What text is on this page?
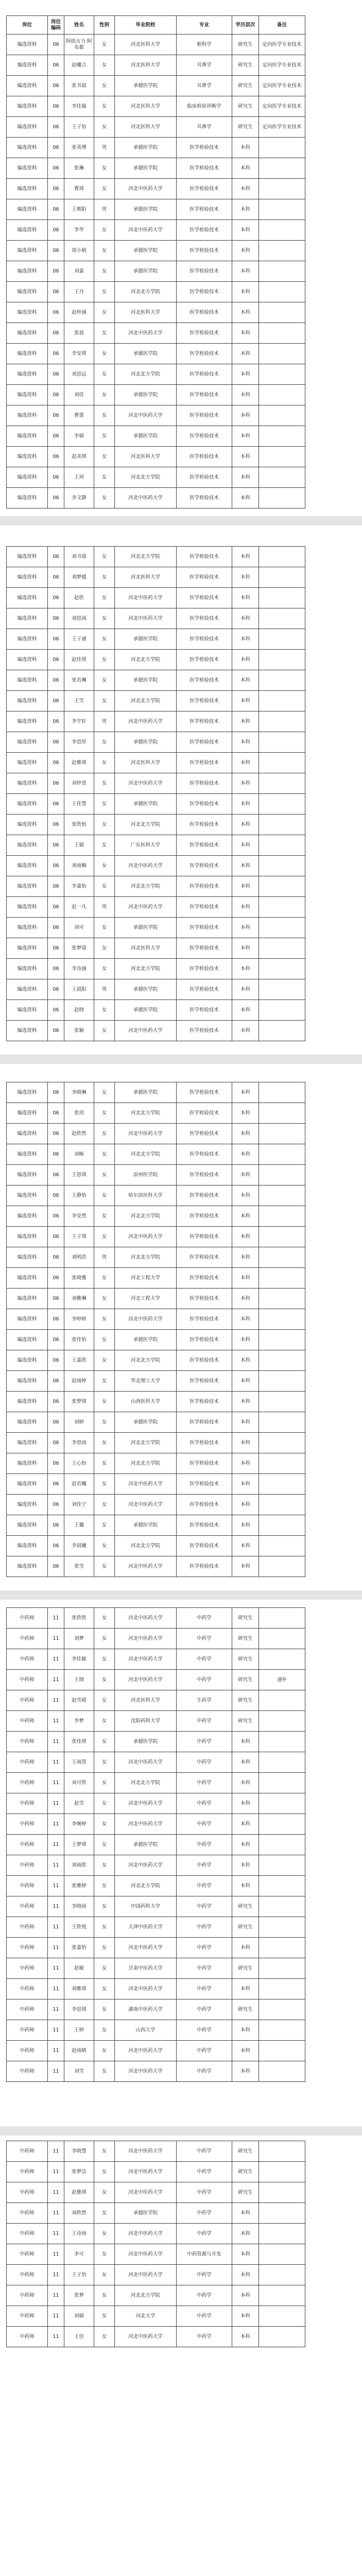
岗位	岗位编码	姓名	性别	毕业院校	专业	学历层次	备注
编选资料	06	阿依古力·阿布都	女	河北医科大学	眼科学	研究生	定向医学专业技术
编选资料	06	赵曦言	女	河北医科大学	耳鼻学	研究生	定向医学专业技术
编选资料	06	张书晨	女	承德医学院	耳鼻学	研究生	定向医学专业技术
编选资料	06	李佳璇	女	河北医科大学	临床检验诊断学	研究生	定向医学专业技术
编选资料	06	王子怡	女	河北医科大学	耳鼻学	研究生	定向医学专业技术
编选资料	06	张英博	男	承德医学院	医学检验技术	本科	
编选资料	06	张琳	女	承德医学院	医学检验技术	本科	
编选资料	06	曹琦	女	河北中医药大学	医学检验技术	本科	
编选资料	06	王朝阳	男	承德医学院	医学检验技术	本科	
编选资料	06	李华	女	河北中医药大学	医学检验技术	本科	
编选资料	06	郑小娟	女	承德医学院	医学检验技术	本科	
编选资料	06	刘嘉	女	承德医学院	医学检验技术	本科	
编选资料	06	王丹	女	河北北方学院	医学检验技术	本科	
编选资料	06	赵梓涵	女	河北医科大学	医学检验技术	本科	
编选资料	06	张晨	女	河北中医药大学	医学检验技术	本科	
编选资料	06	李安琪	女	承德医学院	医学检验技术	本科	
编选资料	06	刘思远	女	河北北方学院	医学检验技术	本科	
编选资料	06	刘佳	女	承德医学院	医学检验技术	本科	
编选资料	06	曹蕾	女	河北中医药大学	医学检验技术	本科	
编选资料	06	李婧	女	承德医学院	医学检验技术	本科	
编选资料	06	赵美琪	女	河北医科大学	医学检验技术	本科	
编选资料	06	王珂	女	河北北方学院	医学检验技术	本科	
编选资料	06	李文静	女	河北中医药大学	医学检验技术	本科	
编选资料	06	刘书瑶	女	河北北方学院	医学检验技术	本科	
编选资料	06	刘梦媛	女	河北医科大学	医学检验技术	本科	
编选资料	06	赵欣	女	河北中医药大学	医学检验技术	本科	
编选资料	06	刘思雨	女	河北中医药大学	医学检验技术	本科	
编选资料	06	王子涵	女	承德医学院	医学检验技术	本科	
编选资料	06	赵佳琪	女	河北北方学院	医学检验技术	本科	
编选资料	06	张若琳	女	承德医学院	医学检验技术	本科	
编选资料	06	王雪	女	河北北方学院	医学检验技术	本科	
编选资料	06	李宇轩	男	河北中医药大学	医学检验技术	本科	
编选资料	06	李思彤	女	承德医学院	医学检验技术	本科	
编选资料	06	赵雅琪	女	河北医科大学	医学检验技术	本科	
编选资料	06	刘梓萱	女	河北中医药大学	医学检验技术	本科	
编选资料	06	王佳慧	女	承德医学院	医学检验技术	本科	
编选资料	06	张欣怡	女	河北北方学院	医学检验技术	本科	
编选资料	06	王婧	女	广东医科大学	医学检验技术	本科	
编选资料	06	刘雨桐	女	河北中医药大学	医学检验技术	本科	
编选资料	06	李嘉怡	女	河北北方学院	医学检验技术	本科	
编选资料	06	赵一凡	男	河北中医药大学	医学检验技术	本科	
编选资料	06	刘可	女	承德医学院	医学检验技术	本科	
编选资料	06	张梦瑶	女	河北医科大学	医学检验技术	本科	
编选资料	06	李诗涵	女	河北北方学院	医学检验技术	本科	
编选资料	06	王晨阳	男	承德医学院	医学检验技术	本科	
编选资料	06	赵晓	女	承德医学院	医学检验技术	本科	
编选资料	06	张颖	女	河北中医药大学	医学检验技术	本科	
编选资料	06	李晓琳	女	承德医学院	医学检验技术	本科	
编选资料	06	张玥	女	河北北方学院	医学检验技术	本科	
编选资料	06	赵欣然	女	河北中医药大学	医学检验技术	本科	
编选资料	06	刘畅	女	河北北方学院	医学检验技术	本科	
编选资料	06	王思琪	女	滨州医学院	医学检验技术	本科	
编选资料	06	王静怡	女	哈尔滨医科大学	医学检验技术	本科	
编选资料	06	李安然	女	河北北方学院	医学检验技术	本科	
编选资料	06	王子琪	女	河北中医药大学	医学检验技术	本科	
编选资料	06	刘明浩	男	河北北方学院	医学检验技术	本科	
编选资料	06	张晓雅	女	河北工程大学	医学检验技术	本科	
编选资料	06	刘雅琳	女	河北工程大学	医学检验技术	本科	
编选资料	06	李婷婷	女	河北中医药大学	医学检验技术	本科	
编选资料	06	张佳怡	女	承德医学院	医学检验技术	本科	
编选资料	06	王嘉欣	女	河北北方学院	医学检验技术	本科	
编选资料	06	赵雨婷	女	华北理工大学	医学检验技术	本科	
编选资料	06	张梦琪	女	山西医科大学	医学检验技术	本科	
编选资料	06	刘婷	女	承德医学院	医学检验技术	本科	
编选资料	06	李思雨	女	河北北方学院	医学检验技术	本科	
编选资料	06	王心怡	女	河北北方学院	医学检验技术	本科	
编选资料	06	赵若曦	女	河北中医药大学	医学检验技术	本科	
编选资料	06	刘佳宁	女	河北中医药大学	医学检验技术	本科	
编选资料	06	王璐	女	承德医学院	医学检验技术	本科	
编选资料	06	李晨曦	女	河北北方学院	医学检验技术	本科	
编选资料	06	张雪	女	河北中医药大学	医学检验技术	本科	
中药师	11	张欣欣	女	河北中医药大学	中药学	研究生	
中药师	11	刘梦	女	河北中医药大学	中药学	研究生	
中药师	11	李佳颖	女	河北中医药大学	中药学	研究生	
中药师	11	王晓	女	河北中医药大学	中药学	研究生	递补
中药师	11	赵雪晴	女	河北医科大学	生药学	研究生	
中药师	11	李梦	女	沈阳药科大学	中药学	研究生	
中药师	11	张佳琪	女	承德医学院	中药学	本科	
中药师	11	王雨萱	女	河北中医药大学	中药学	本科	
中药师	11	刘可欣	女	河北北方学院	中药学	本科	
中药师	11	赵雪	女	河北中医药大学	中药学	本科	
中药师	11	李婉婷	女	河北中医药大学	中药学	本科	
中药师	11	王梦琪	女	承德医学院	中药学	本科	
中药师	11	刘雨欣	女	河北中医药大学	中药学	本科	
中药师	11	张雅婷	女	河北北方学院	中药学	本科	
中药师	11	李晓雨	女	中国药科大学	中药学	研究生	
中药师	11	王欣悦	女	天津中医药大学	中药学	研究生	
中药师	11	张嘉怡	女	河北中医药大学	中药学	本科	
中药师	11	赵敏	女	甘肃中医药大学	中药学	研究生	
中药师	11	刘雅琪	女	河北中医药大学	中药学	本科	
中药师	11	李思琪	女	湖南中医药大学	中药学	研究生	
中药师	11	王婷	女	山西大学	中药学	本科	
中药师	11	赵雨晴	女	河北中医药大学	中药学	本科	
中药师	11	刘雪	女	河北中医药大学	中药学	本科	
中药师	11	李晓慧	女	河北中医药大学	中药学	研究生	
中药师	11	张梦洁	女	河北中医药大学	中药学	研究生	
中药师	11	赵雅琪	女	河北中医药大学	中药学	研究生	
中药师	11	刘欣然	女	承德医学院	中药学	本科	
中药师	11	王诗雨	女	河北中医药大学	中药学	本科	
中药师	11	李可	女	河北中医药大学	中药资源与开发	本科	
中药师	11	王子怡	女	河北中医药大学	中药学	本科	
中药师	11	张梦	女	河北北方学院	中药学	本科	
中药师	11	刘婧	女	河北大学	中药学	本科	
中药师	11	王佳	女	河北中医药大学	中药学	本科	
